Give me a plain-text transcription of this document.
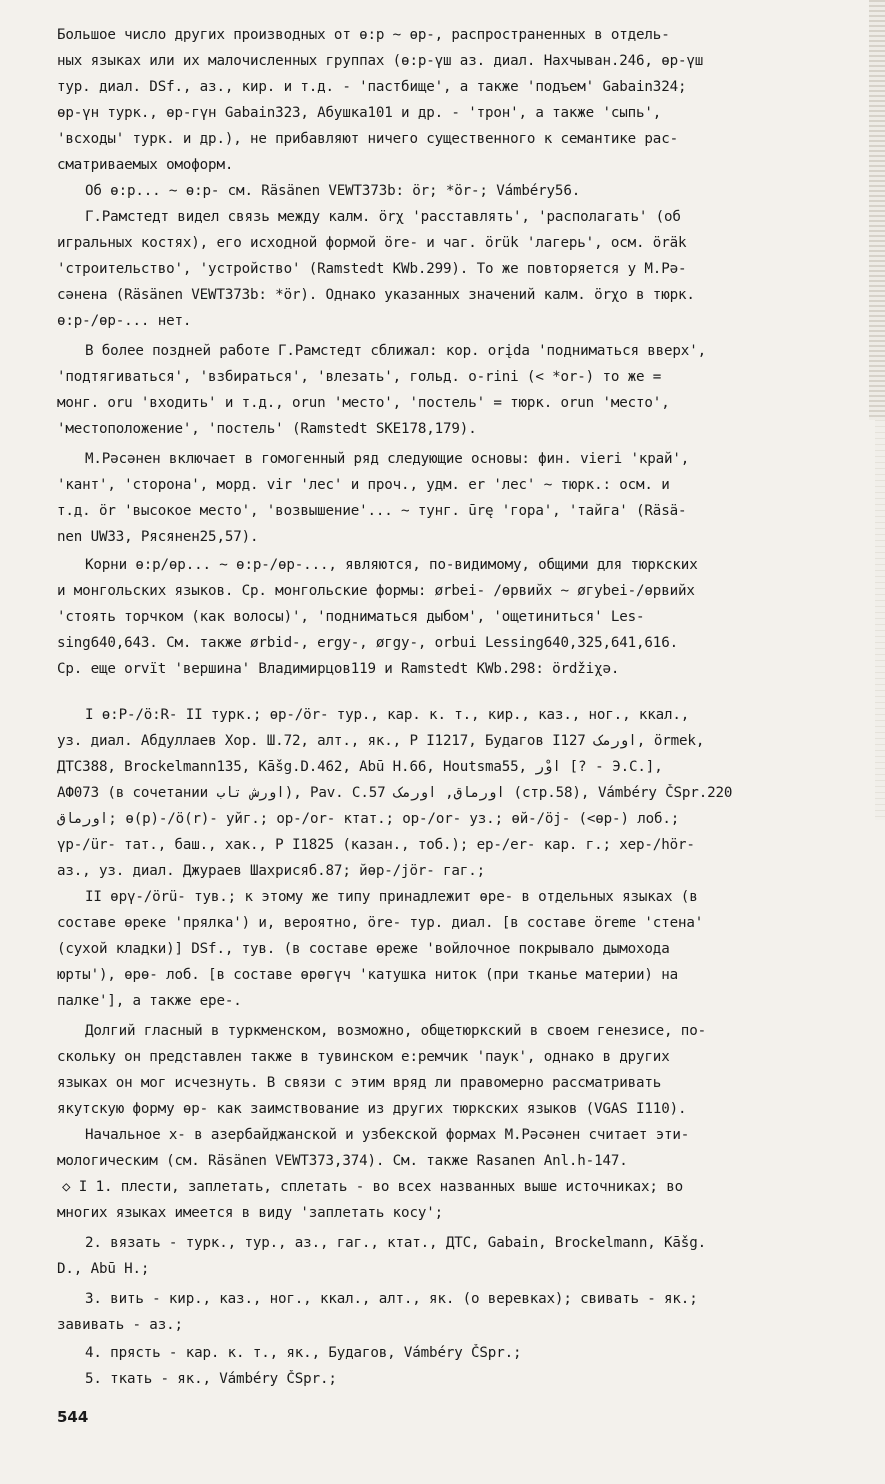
Большое число других производных от ө:р ~ өр-, распространенных в отдель-
ных языках или их малочисленных группах (ө:р-үш аз. диал. Нахчыван.246, өр-үш
тур. диал. DSf., аз., кир. и т.д. - 'пастбище', а также 'подъем' Gabain324;
өр-үн турк., өр-гүн Gabain323, Абушка101 и др. - 'трон', а также 'сыпь',
'всходы' турк. и др.), не прибавляют ничего существенного к семантике рас-
сматриваемых омоформ.
Об ө:р... ~ ө:р- см. Räsänen VEWT373b: ör; *ör-; Vámbéry56.
Г.Рамстедт видел связь между калм. örχ 'расставлять', 'располагать' (об
игральных костях), его исходной формой öre- и чаг. örük 'лагерь', осм. öräk
'строительство', 'устройство' (Ramstedt KWb.299). То же повторяется у М.Рә-
сәнена (Räsänen VEWT373b: *ör). Однако указанных значений калм. örχo в тюрк.
ө:р-/өр-... нет.
В более поздней работе Г.Рамстедт сближал: кор. orįda 'подниматься вверх',
'подтягиваться', 'взбираться', 'влезать', гольд. o-rini (< *or-) то же =
монг. oru 'входить' и т.д., orun 'место', 'постель' = тюрк. orun 'место',
'местоположение', 'постель' (Ramstedt SKE178,179).
М.Рәсәнен включает в гомогенный ряд следующие основы: фин. vieri 'край',
'кант', 'сторона', морд. vir 'лес' и проч., удм. er 'лес' ~ тюрк.: осм. и
т.д. ör 'высокое место', 'возвышение'... ~ тунг. ūrę 'гора', 'тайга' (Räsä-
nen UW33, Рясянен25,57).
Корни ө:р/өр... ~ ө:р-/өр-..., являются, по-видимому, общими для тюркских
и монгольских языков. Ср. монгольские формы: ørbei- /өрвийх ~ øгybei-/өрвийх
'стоять торчком (как волосы)', 'подниматься дыбом', 'ощетиниться' Les-
sing640,643. См. также ørbid-, ergy-, øгgy-, orbui Lessing640,325,641,616.
Ср. еще orvït 'вершина' Владимирцов119 и Ramstedt KWb.298: ördžiχə.
I ө:Р-/ö:R- II турк.; өр-/ör- тур., кар. к. т., кир., каз., ног., ккал.,
уз. диал. Абдуллаев Хор. Ш.72, алт., як., Р I1217, Будагов I127 اورمک, örmek,
ДТС388, Brockelmann135, Kāšg.D.462, Abū H.66, Houtsma55, اوْر [? - Э.С.],
АФ073 (в сочетании اورش تاب), Pav. C.57 اورماق, اورمک (стр.58), Vámbéry ČSpr.220
اورماق; ө(р)-/ö(r)- уйг.; ор-/or- ктат.; ор-/or- уз.; өй-/öj- (<өр-) лоб.;
үр-/ür- тат., баш., хак., Р I1825 (казан., тоб.); ер-/er- кар. г.; хер-/hör-
аз., уз. диал. Джураев Шахрисяб.87; йөр-/jör- гаг.;
II өрү-/örü- тув.; к этому же типу принадлежит өре- в отдельных языках (в
составе өреке 'прялка') и, вероятно, öre- тур. диал. [в составе öreme 'стена'
(сухой кладки)] DSf., тув. (в составе өреже 'войлочное покрывало дымохода
юрты'), өрө- лоб. [в составе өрөгүч 'катушка ниток (при тканье материи) на
палке'], а также ере-.
Долгий гласный в туркменском, возможно, общетюркский в своем генезисе, по-
скольку он представлен также в тувинском е:ремчик 'паук', однако в других
языках он мог исчезнуть. В связи с этим вряд ли правомерно рассматривать
якутскую форму өр- как заимствование из других тюркских языков (VGAS I110).
Начальное х- в азербайджанской и узбекской формах М.Рәсәнен считает эти-
мологическим (см. Räsänen VEWT373,374). См. также Rasanen Anl.h-147.
◇ I 1. плести, заплетать, сплетать - во всех названных выше источниках; во
многих языках имеется в виду 'заплетать косу';
2. вязать - турк., тур., аз., гаг., ктат., ДТС, Gabain, Brockelmann, Kāšg.
D., Abū H.;
3. вить - кир., каз., ног., ккал., алт., як. (о веревках); свивать - як.;
завивать - аз.;
4. прясть - кар. к. т., як., Будагов, Vámbéry ČSpr.;
5. ткать - як., Vámbéry ČSpr.;
544
